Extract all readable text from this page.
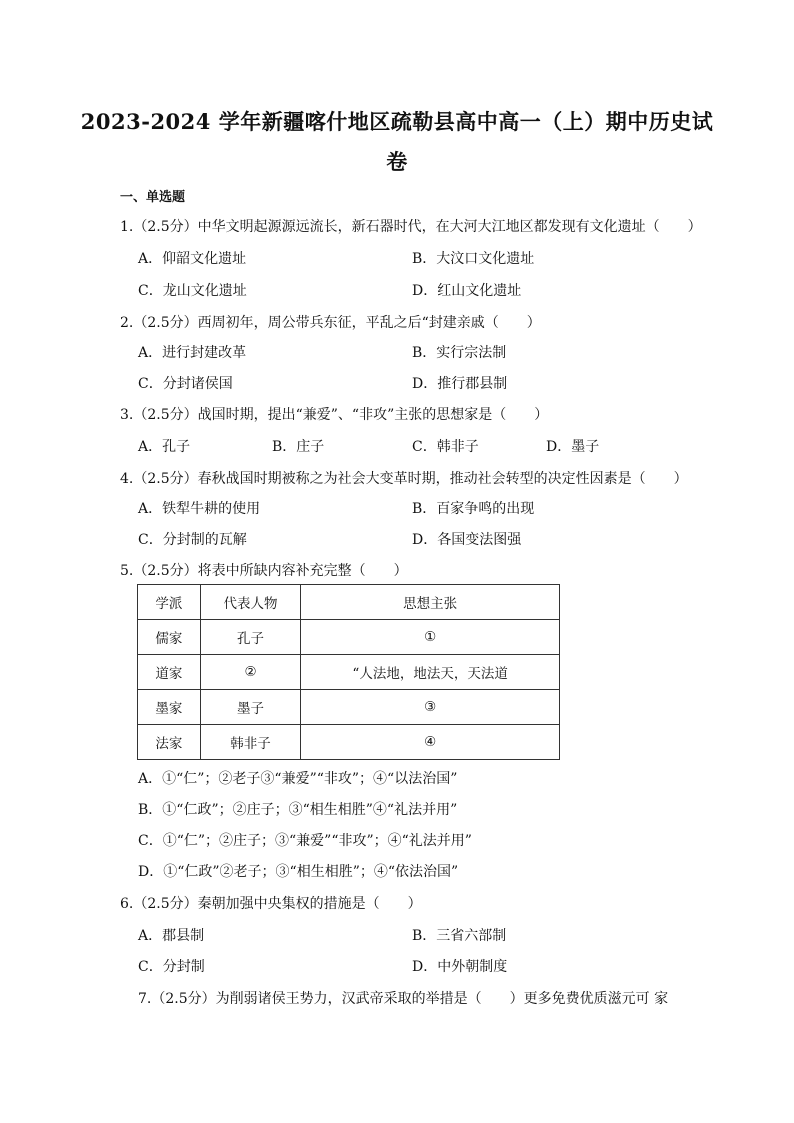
2023-2024 学年新疆喀什地区疏勒县高中高一（上）期中历史试
卷
一、单选题
1.（2.5分）中华文明起源源远流长，新石器时代，在大河大江地区都发现有文化遗址（　　）
A．仰韶文化遗址	B．大汶口文化遗址
C．龙山文化遗址	D．红山文化遗址
2.（2.5分）西周初年，周公带兵东征，平乱之后“封建亲戚（　　）
A．进行封建改革	B．实行宗法制
C．分封诸侯国	D．推行郡县制
3.（2.5分）战国时期，提出“兼爱”、“非攻”主张的思想家是（　　）
A．孔子	B．庄子	C．韩非子	D．墨子
4.（2.5分）春秋战国时期被称之为社会大变革时期，推动社会转型的决定性因素是（　　）
A．铁犁牛耕的使用	B．百家争鸣的出现
C．分封制的瓦解	D．各国变法图强
5.（2.5分）将表中所缺内容补充完整（　　）
学派	代表人物	思想主张
儒家	孔子	①
道家	②	“人法地，地法天，天法道
墨家	墨子	③
法家	韩非子	④
A．①“仁”；②老子③“兼爱”“非攻”；④“以法治国”
B．①“仁政”；②庄子；③“相生相胜”④“礼法并用”
C．①“仁”；②庄子；③“兼爱”“非攻”；④“礼法并用”
D．①“仁政”②老子；③“相生相胜”；④“依法治国”
6.（2.5分）秦朝加强中央集权的措施是（　　）
A．郡县制	B．三省六部制
C．分封制	D．中外朝制度
7.（2.5分）为削弱诸侯王势力，汉武帝采取的举措是（　　）更多免费优质滋元可 家
